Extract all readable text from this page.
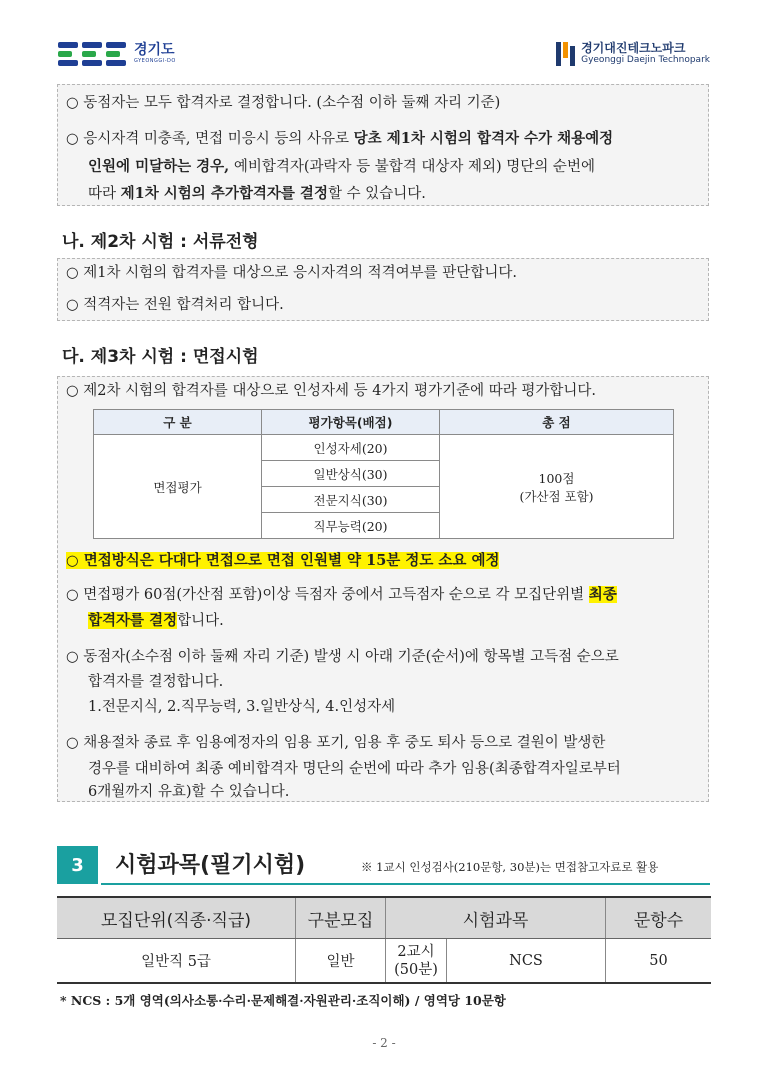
경기도
GYEONGGI-DO
경기대진테크노파크
Gyeonggi Daejin Technopark
○ 동점자는 모두 합격자로 결정합니다. (소수점 이하 둘째 자리 기준)
○ 응시자격 미충족, 면접 미응시 등의 사유로 당초 제1차 시험의 합격자 수가 채용예정
인원에 미달하는 경우, 예비합격자(과락자 등 불합격 대상자 제외) 명단의 순번에
따라 제1차 시험의 추가합격자를 결정할 수 있습니다.
나. 제2차 시험 : 서류전형
○ 제1차 시험의 합격자를 대상으로 응시자격의 적격여부를 판단합니다.
○ 적격자는 전원 합격처리 합니다.
다. 제3차 시험 : 면접시험
○ 제2차 시험의 합격자를 대상으로 인성자세 등 4가지 평가기준에 따라 평가합니다.
구 분	평가항목(배점)	총 점
면접평가	인성자세(20)	100점
(가산점 포함)

	일반상식(30)	
	전문지식(30)	
	직무능력(20)	
○ 면접방식은 다대다 면접으로 면접 인원별 약 15분 정도 소요 예정
○ 면접평가 60점(가산점 포함)이상 득점자 중에서 고득점자 순으로 각 모집단위별 최종
합격자를 결정합니다.
○ 동점자(소수점 이하 둘째 자리 기준) 발생 시 아래 기준(순서)에 항목별 고득점 순으로
합격자를 결정합니다.
1.전문지식, 2.직무능력, 3.일반상식, 4.인성자세
○ 채용절차 종료 후 임용예정자의 임용 포기, 임용 후 중도 퇴사 등으로 결원이 발생한
경우를 대비하여 최종 예비합격자 명단의 순번에 따라 추가 임용(최종합격자일로부터
6개월까지 유효)할 수 있습니다.
3	시험과목(필기시험)	※ 1교시 인성검사(210문항, 30분)는 면접참고자료로 활용
모집단위(직종·직급)	구분모집	시험과목		문항수
일반직 5급	일반	2교시
(50분)	NCS	50
* NCS : 5개 영역(의사소통·수리·문제해결·자원관리·조직이해) / 영역당 10문항
- 2 -
